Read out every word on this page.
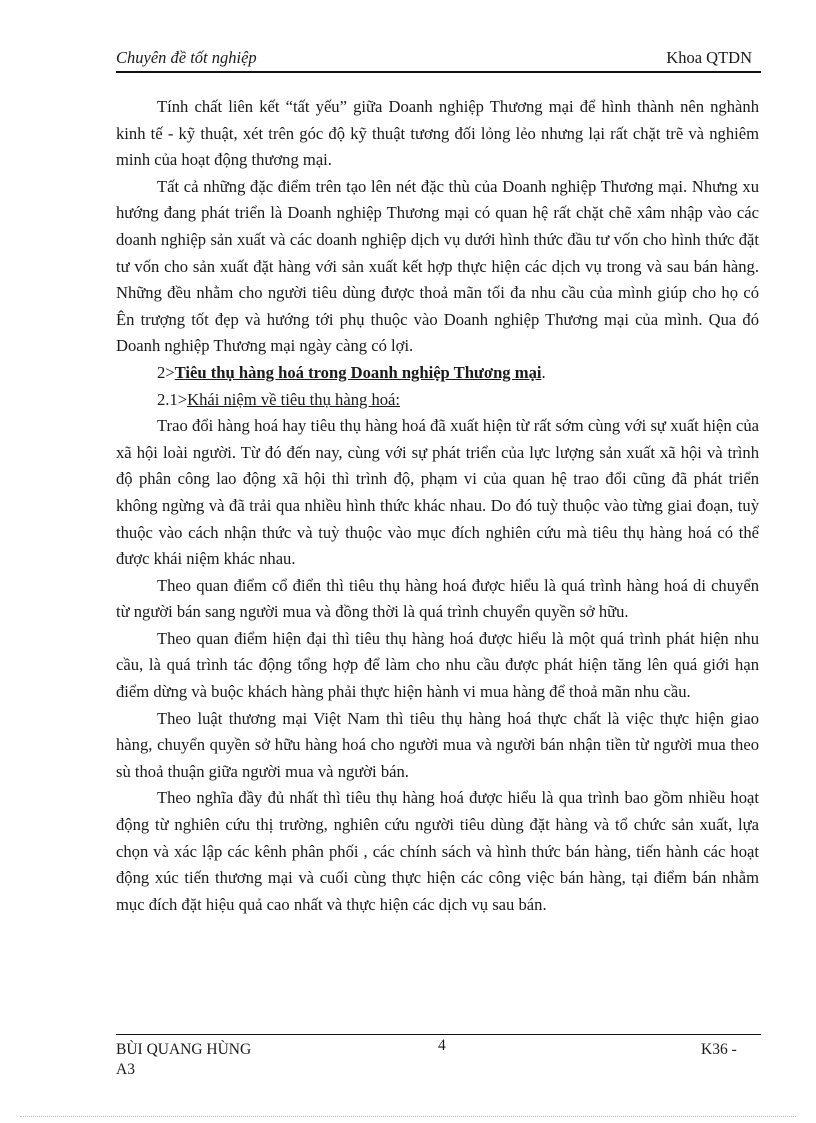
Chuyên đề tốt nghiệp	Khoa QTDN

Tính chất liên kết “tất yếu” giữa Doanh nghiệp Thương mại để hình thành nên nghành kinh tế - kỹ thuật, xét trên góc độ kỹ thuật tương đối lỏng lẻo nhưng lại rất chặt trẽ và nghiêm minh của hoạt động thương mại.

Tất cả những đặc điểm trên tạo lên nét đặc thù của Doanh nghiệp Thương mại. Nhưng xu hướng đang phát triển là Doanh nghiệp Thương mại có quan hệ rất chặt chẽ xâm nhập vào các doanh nghiệp sản xuất và các doanh nghiệp dịch vụ dưới hình thức đầu tư vốn cho hình thức đặt tư vốn cho sản xuất đặt hàng với sản xuất kết hợp thực hiện các dịch vụ trong và sau bán hàng. Những đều nhằm cho người tiêu dùng được thoả mãn tối đa nhu cầu của mình giúp cho họ có Ên trượng tốt đẹp và hướng tới phụ thuộc vào Doanh nghiệp Thương mại của mình. Qua đó Doanh nghiệp Thương mại ngày càng có lợi.

2>Tiêu thụ hàng hoá trong Doanh nghiệp Thương mại.

2.1>Khái niệm về tiêu thụ hàng hoá:

Trao đổi hàng hoá hay tiêu thụ hàng hoá đã xuất hiện từ rất sớm cùng với sự xuất hiện của xã hội loài người. Từ đó đến nay, cùng với sự phát triển của lực lượng sản xuất xã hội và trình độ phân công lao động xã hội thì trình độ, phạm vi của quan hệ trao đổi cũng đã phát triển không ngừng và đã trải qua nhiều hình thức khác nhau. Do đó tuỳ thuộc vào từng giai đoạn, tuỳ thuộc vào cách nhận thức và tuỳ thuộc vào mục đích nghiên cứu mà tiêu thụ hàng hoá có thể được khái niệm khác nhau.

Theo quan điểm cổ điển thì tiêu thụ hàng hoá được hiểu là quá trình hàng hoá di chuyển từ người bán sang người mua và đồng thời là quá trình chuyển quyền sở hữu.

Theo quan điểm hiện đại thì tiêu thụ hàng hoá được hiểu là một quá trình phát hiện nhu cầu, là quá trình tác động tổng hợp để làm cho nhu cầu được phát hiện tăng lên quá giới hạn điểm dừng và buộc khách hàng phải thực hiện hành vi mua hàng để thoả mãn nhu cầu.

Theo luật thương mại Việt Nam thì tiêu thụ hàng hoá thực chất là việc thực hiện giao hàng, chuyển quyền sở hữu hàng hoá cho người mua và người bán nhận tiền từ người mua theo sù thoả thuận giữa người mua và người bán.

Theo nghĩa đầy đủ nhất thì tiêu thụ hàng hoá được hiểu là qua trình bao gồm nhiều hoạt động từ nghiên cứu thị trường, nghiên cứu người tiêu dùng đặt hàng và tổ chức sản xuất, lựa chọn và xác lập các kênh phân phối , các chính sách và hình thức bán hàng, tiến hành các hoạt động xúc tiến thương mại và cuối cùng thực hiện các công việc bán hàng, tại điểm bán nhằm mục đích đặt hiệu quả cao nhất và thực hiện các dịch vụ sau bán.

BÙI QUANG HÙNG
A3
4	K36 -
